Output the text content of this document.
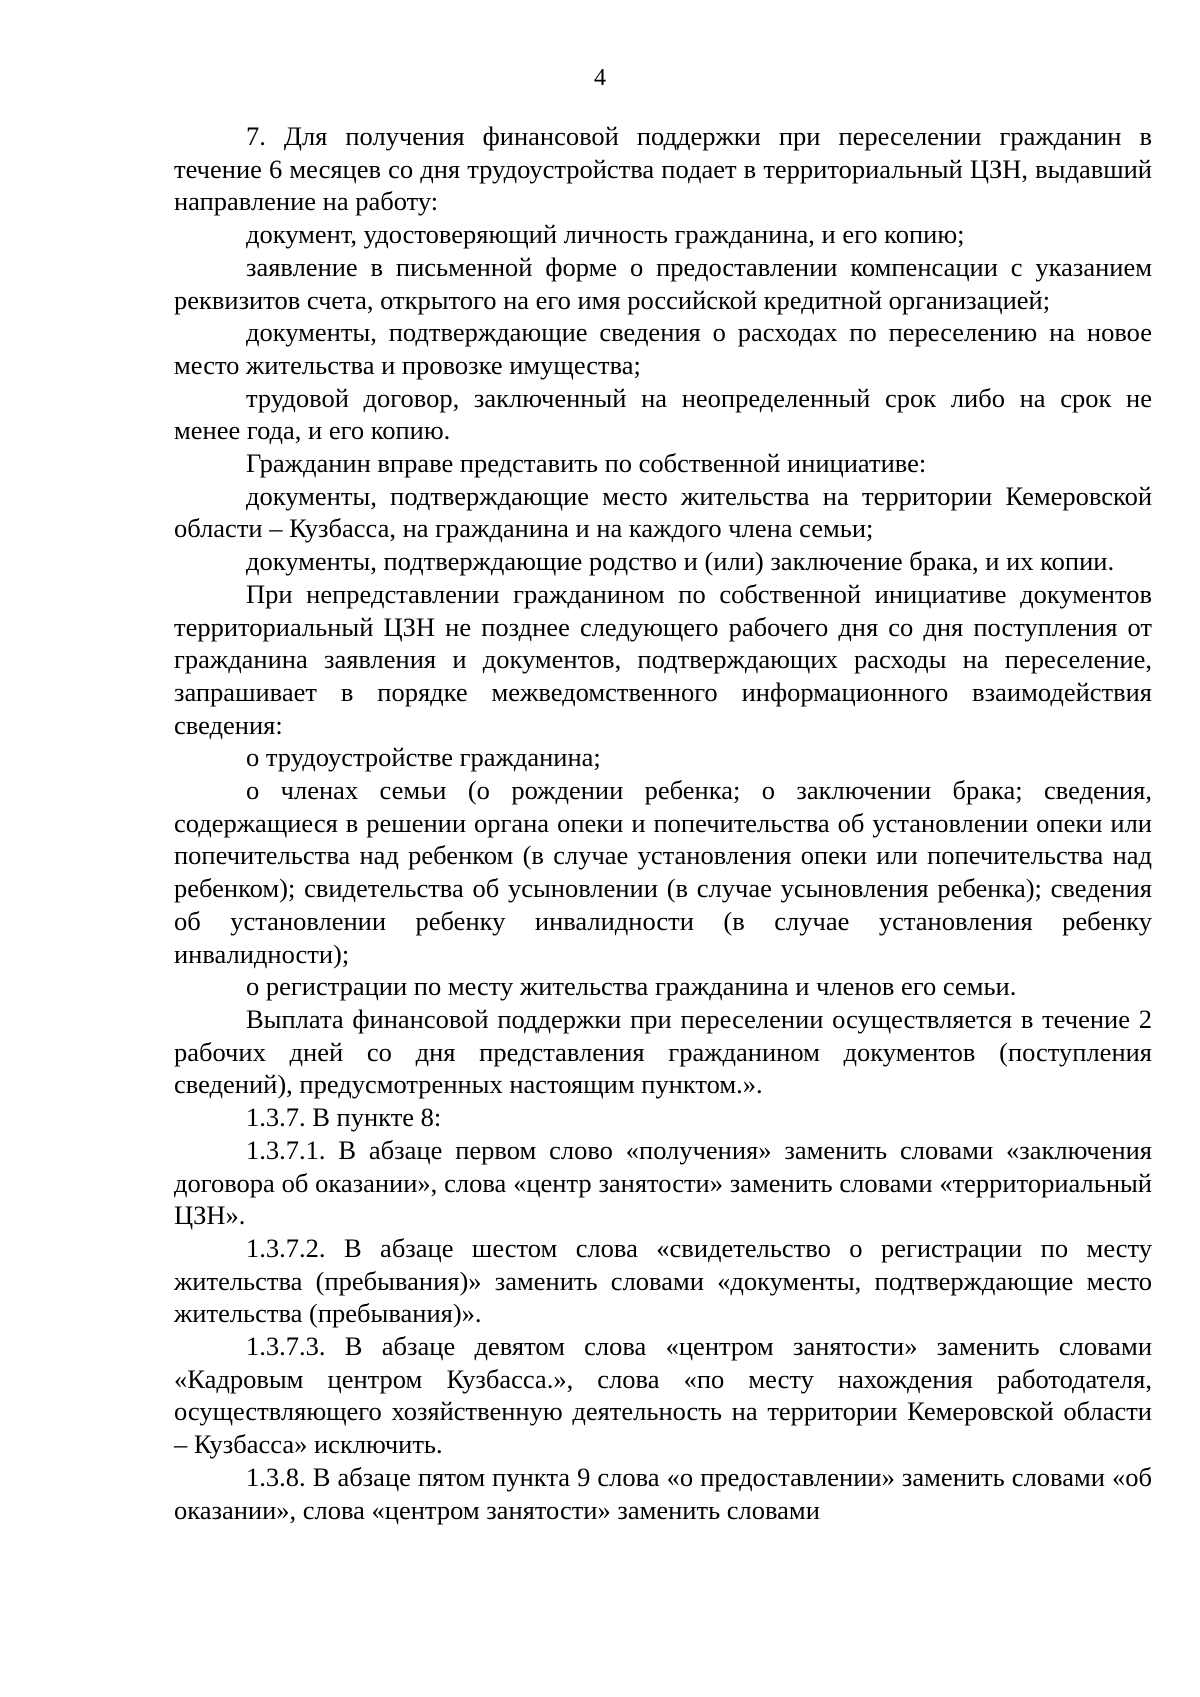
4

7. Для получения финансовой поддержки при переселении гражданин в течение 6 месяцев со дня трудоустройства подает в территориальный ЦЗН, выдавший направление на работу:

документ, удостоверяющий личность гражданина, и его копию;

заявление в письменной форме о предоставлении компенсации с указанием реквизитов счета, открытого на его имя российской кредитной организацией;

документы, подтверждающие сведения о расходах по переселению на новое место жительства и провозке имущества;

трудовой договор, заключенный на неопределенный срок либо на срок не менее года, и его копию.

Гражданин вправе представить по собственной инициативе:

документы, подтверждающие место жительства на территории Кемеровской области – Кузбасса, на гражданина и на каждого члена семьи;

документы, подтверждающие родство и (или) заключение брака, и их копии.

При непредставлении гражданином по собственной инициативе документов территориальный ЦЗН не позднее следующего рабочего дня со дня поступления от гражданина заявления и документов, подтверждающих расходы на переселение, запрашивает в порядке межведомственного информационного взаимодействия сведения:

о трудоустройстве гражданина;

о членах семьи (о рождении ребенка; о заключении брака; сведения, содержащиеся в решении органа опеки и попечительства об установлении опеки или попечительства над ребенком (в случае установления опеки или попечительства над ребенком); свидетельства об усыновлении (в случае усыновления ребенка); сведения об установлении ребенку инвалидности (в случае установления ребенку инвалидности);

о регистрации по месту жительства гражданина и членов его семьи.

Выплата финансовой поддержки при переселении осуществляется в течение 2 рабочих дней со дня представления гражданином документов (поступления сведений), предусмотренных настоящим пунктом.».

1.3.7. В пункте 8:

1.3.7.1. В абзаце первом слово «получения» заменить словами «заключения договора об оказании», слова «центр занятости» заменить словами «территориальный ЦЗН».

1.3.7.2. В абзаце шестом слова «свидетельство о регистрации по месту жительства (пребывания)» заменить словами «документы, подтверждающие место жительства (пребывания)».

1.3.7.3. В абзаце девятом слова «центром занятости» заменить словами «Кадровым центром Кузбасса.», слова «по месту нахождения работодателя, осуществляющего хозяйственную деятельность на территории Кемеровской области – Кузбасса» исключить.

1.3.8. В абзаце пятом пункта 9 слова «о предоставлении» заменить словами «об оказании», слова «центром занятости» заменить словами
